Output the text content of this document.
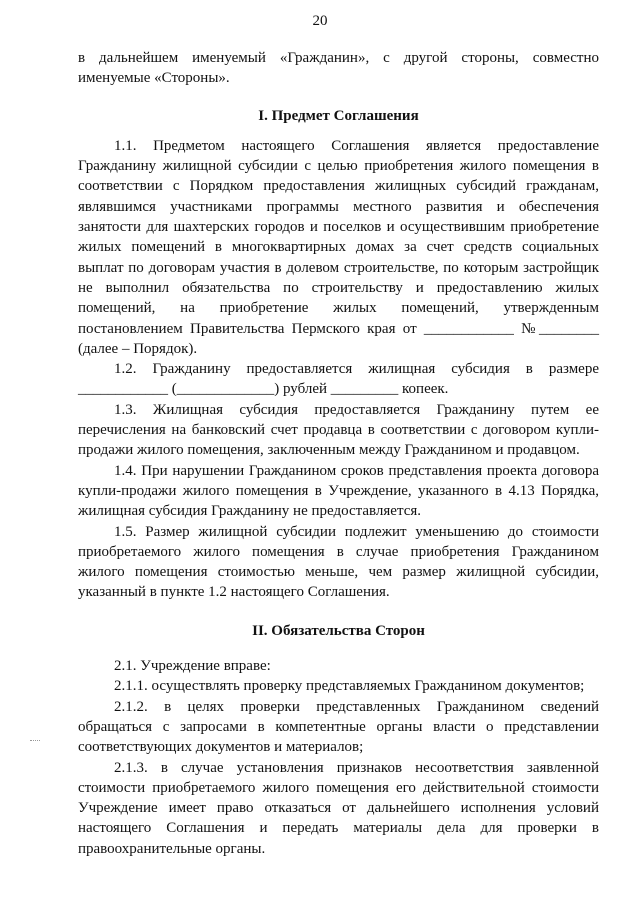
20

в дальнейшем именуемый «Гражданин», с другой стороны, совместно именуемые «Стороны».

I. Предмет Соглашения

1.1. Предметом настоящего Соглашения является предоставление Гражданину жилищной субсидии с целью приобретения жилого помещения в соответствии с Порядком предоставления жилищных субсидий гражданам, являвшимся участниками программы местного развития и обеспечения занятости для шахтерских городов и поселков и осуществившим приобретение жилых помещений в многоквартирных домах за счет средств социальных выплат по договорам участия в долевом строительстве, по которым застройщик не выполнил обязательства по строительству и предоставлению жилых помещений, на приобретение жилых помещений, утвержденным постановлением Правительства Пермского края от ____________ №________ (далее – Порядок).

1.2. Гражданину предоставляется жилищная субсидия в размере ____________ (_____________) рублей _________ копеек.

1.3. Жилищная субсидия предоставляется Гражданину путем ее перечисления на банковский счет продавца в соответствии с договором купли-продажи жилого помещения, заключенным между Гражданином и продавцом.

1.4. При нарушении Гражданином сроков представления проекта договора купли-продажи жилого помещения в Учреждение, указанного в 4.13 Порядка, жилищная субсидия Гражданину не предоставляется.

1.5. Размер жилищной субсидии подлежит уменьшению до стоимости приобретаемого жилого помещения в случае приобретения Гражданином жилого помещения стоимостью меньше, чем размер жилищной субсидии, указанный в пункте 1.2 настоящего Соглашения.

II. Обязательства Сторон

2.1. Учреждение вправе:

2.1.1. осуществлять проверку представляемых Гражданином документов;

2.1.2. в целях проверки представленных Гражданином сведений обращаться с запросами в компетентные органы власти о представлении соответствующих документов и материалов;

2.1.3. в случае установления признаков несоответствия заявленной стоимости приобретаемого жилого помещения его действительной стоимости Учреждение имеет право отказаться от дальнейшего исполнения условий настоящего Соглашения и передать материалы дела для проверки в правоохранительные органы.
